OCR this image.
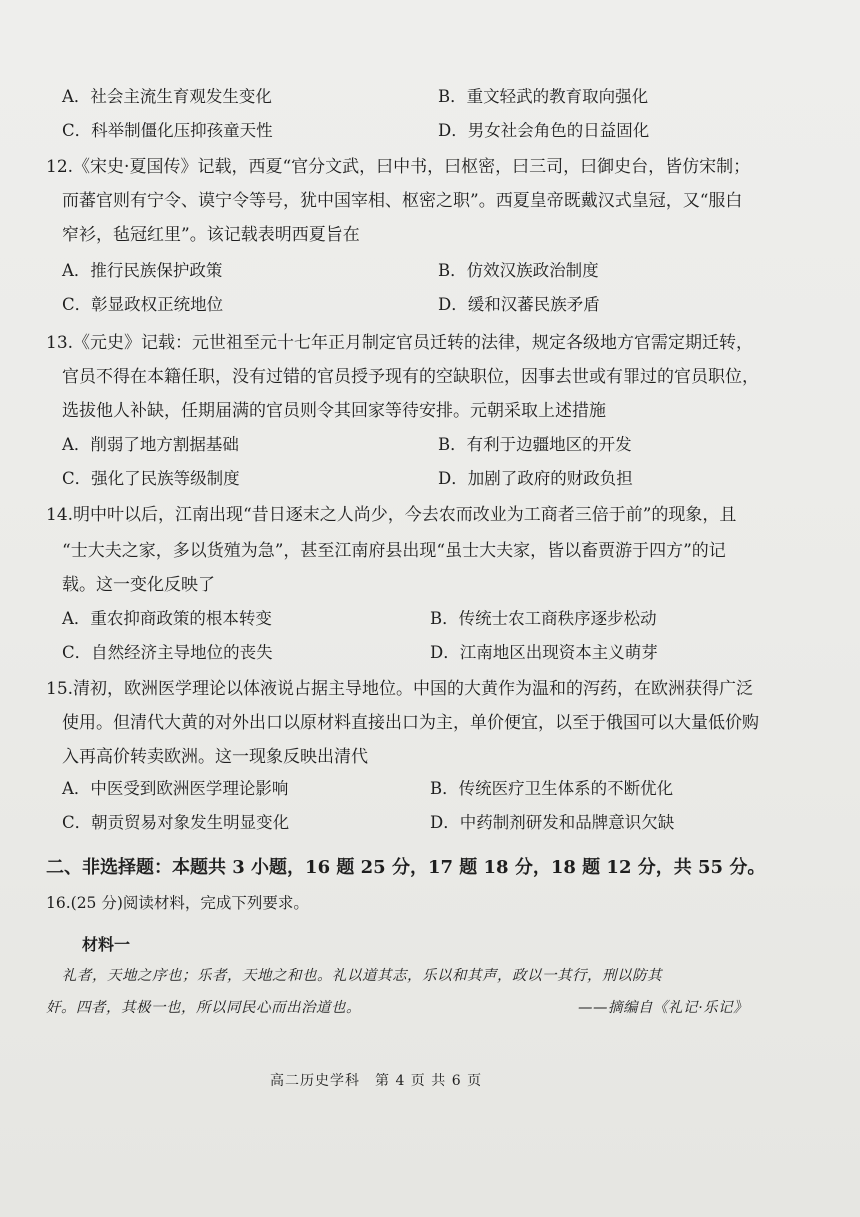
A．社会主流生育观发生变化	B．重文轻武的教育取向强化
C．科举制僵化压抑孩童天性	D．男女社会角色的日益固化
12.《宋史·夏国传》记载，西夏“官分文武，曰中书，曰枢密，曰三司，曰御史台，皆仿宋制；
而蕃官则有宁令、谟宁令等号，犹中国宰相、枢密之职”。西夏皇帝既戴汉式皇冠，又“服白
窄衫，毡冠红里”。该记载表明西夏旨在
A．推行民族保护政策	B．仿效汉族政治制度
C．彰显政权正统地位	D．缓和汉蕃民族矛盾
13.《元史》记载：元世祖至元十七年正月制定官员迁转的法律，规定各级地方官需定期迁转，
官员不得在本籍任职，没有过错的官员授予现有的空缺职位，因事去世或有罪过的官员职位，
选拔他人补缺，任期届满的官员则令其回家等待安排。元朝采取上述措施
A．削弱了地方割据基础	B．有利于边疆地区的开发
C．强化了民族等级制度	D．加剧了政府的财政负担
14.明中叶以后，江南出现“昔日逐末之人尚少，今去农而改业为工商者三倍于前”的现象，且
“士大夫之家，多以货殖为急”，甚至江南府县出现“虽士大夫家，皆以畜贾游于四方”的记
载。这一变化反映了
A．重农抑商政策的根本转变	B．传统士农工商秩序逐步松动
C．自然经济主导地位的丧失	D．江南地区出现资本主义萌芽
15.清初，欧洲医学理论以体液说占据主导地位。中国的大黄作为温和的泻药，在欧洲获得广泛
使用。但清代大黄的对外出口以原材料直接出口为主，单价便宜，以至于俄国可以大量低价购
入再高价转卖欧洲。这一现象反映出清代
A．中医受到欧洲医学理论影响	B．传统医疗卫生体系的不断优化
C．朝贡贸易对象发生明显变化	D．中药制剂研发和品牌意识欠缺
二、非选择题：本题共 3 小题，16 题 25 分，17 题 18 分，18 题 12 分，共 55 分。
16.(25 分)阅读材料，完成下列要求。
材料一
礼者，天地之序也；乐者，天地之和也。礼以道其志，乐以和其声，政以一其行，刑以防其
奸。四者，其极一也，所以同民心而出治道也。	——摘编自《礼记·乐记》
高二历史学科　第 4 页 共 6 页
